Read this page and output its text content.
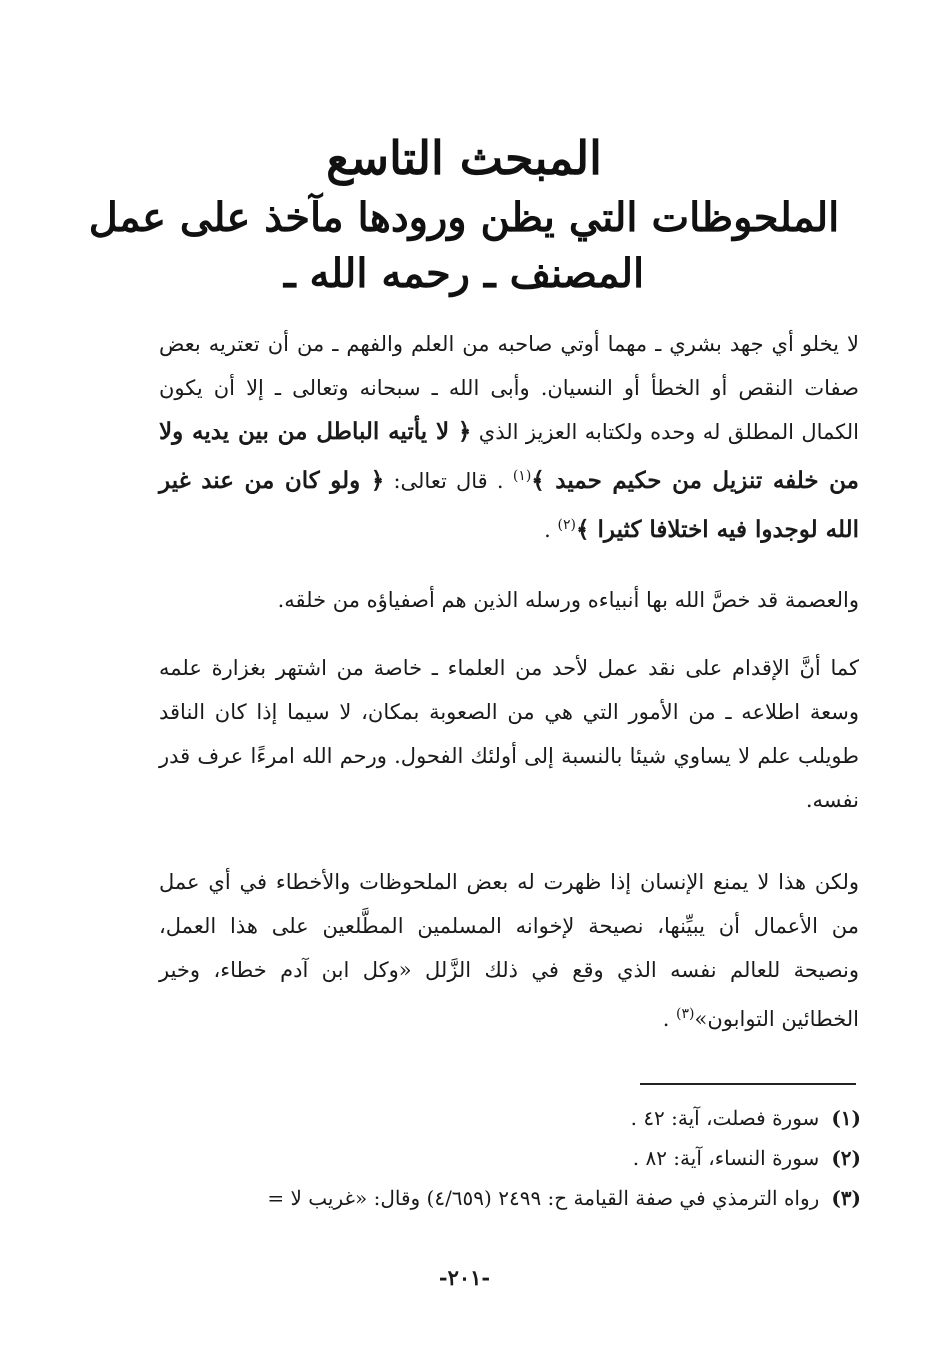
المبحث التاسع
الملحوظات التي يظن ورودها مآخذ على عمل المصنف ـ رحمه الله ـ

لا يخلو أي جهد بشري ـ مهما أوتي صاحبه من العلم والفهم ـ من أن تعتريه بعض صفات النقص أو الخطأ أو النسيان. وأبى الله ـ سبحانه وتعالى ـ إلا أن يكون الكمال المطلق له وحده ولكتابه العزيز الذي ﴿ لا يأتيه الباطل من بين يديه ولا من خلفه تنزيل من حكيم حميد ﴾$^{(١)}$ . قال تعالى: ﴿ ولو كان من عند غير الله لوجدوا فيه اختلافا كثيرا ﴾$^{(٢)}$ .

والعصمة قد خصَّ الله بها أنبياءه ورسله الذين هم أصفياؤه من خلقه.

كما أنَّ الإقدام على نقد عمل لأحد من العلماء ـ خاصة من اشتهر بغزارة علمه وسعة اطلاعه ـ من الأمور التي هي من الصعوبة بمكان، لا سيما إذا كان الناقد طويلب علم لا يساوي شيئا بالنسبة إلى أولئك الفحول. ورحم الله امرءًا عرف قدر نفسه.

ولكن هذا لا يمنع الإنسان إذا ظهرت له بعض الملحوظات والأخطاء في أي عمل من الأعمال أن يبيِّنها، نصيحة لإخوانه المسلمين المطَّلعين على هذا العمل، ونصيحة للعالم نفسه الذي وقع في ذلك الزَّلل «وكل ابن آدم خطاء، وخير الخطائين التوابون»$^{(٣)}$ .

(١)سورة فصلت، آية: ٤٢ .
(٢)سورة النساء، آية: ٨٢ .
(٣)رواه الترمذي في صفة القيامة ح: ٢٤٩٩ (٤/٦٥٩) وقال: «غريب لا =
-٢٠١-
